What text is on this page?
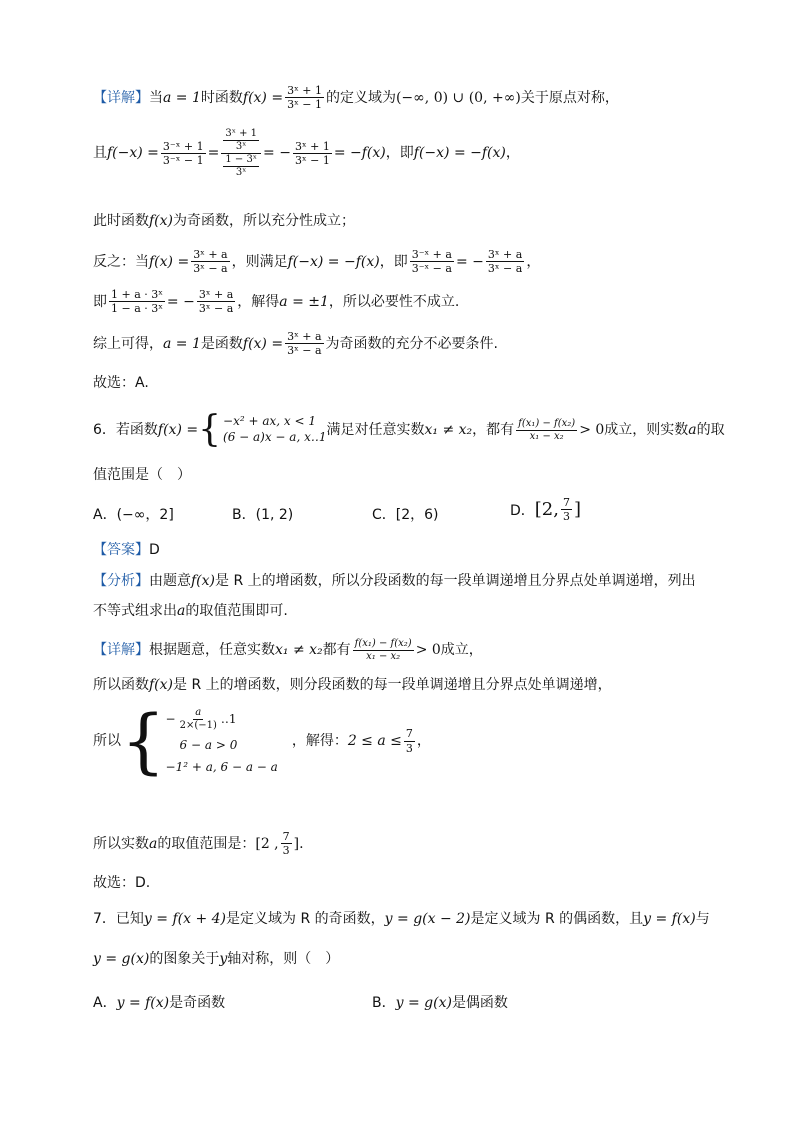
【详解】 当 a = 1 时函数 $f(x) = \frac{\text{3ˣ + 1}}{\text{3ˣ − 1}}$ 的定义域为 (−∞, 0) ∪ (0, +∞) 关于原点对称，
且 $f(-x) = \frac{\text{3⁻ˣ + 1}}{\text{3⁻ˣ − 1}} = \frac{\frac{\text{3ˣ + 1}}{\text{3ˣ}}}{\frac{\text{1 − 3ˣ}}{\text{3ˣ}}}$ = − $\frac{\text{3ˣ + 1}}{\text{3ˣ − 1}} = -f(x)$ ，即 f(−x) = −f(x) ，
此时函数 f(x) 为奇函数，所以充分性成立；
反之：当 $f(x) = \frac{\text{3ˣ + a}}{\text{3ˣ − a}}$ ，则满足 f(−x) = −f(x) ，即 $\frac{\text{3⁻ˣ + a}}{\text{3⁻ˣ − a}}$ = − $\frac{\text{3ˣ + a}}{\text{3ˣ − a}}$ ，
即 $\frac{\text{1 + a · 3ˣ}}{\text{1 − a · 3ˣ}}$ = − $\frac{\text{3ˣ + a}}{\text{3ˣ − a}}$ ，解得 a = ±1 ，所以必要性不成立.
综上可得， a = 1 是函数 $f(x) = \frac{\text{3ˣ + a}}{\text{3ˣ − a}}$ 为奇函数的充分不必要条件.
故选：A.
6．若函数 f(x) = { −x² + ax, x < 1
(6 − a)x − a, x‥1 满足对任意实数 x₁ ≠ x₂ ，都有 $\frac{\text{f(x₁) − f(x₂)}}{\text{x₁ − x₂}} > 0$ 成立，则实数 a 的取
值范围是（　）
A．(−∞，2]	B．(1, 2)	C．[2，6)	D． [2, $\frac{7}{3}$ ]
【答案】 D
【分析】 由题意 f(x) 是 R 上的增函数，所以分段函数的每一段单调递增且分界点处单调递增，列出
不等式组求出 a 的取值范围即可.
【详解】 根据题意，任意实数 x₁ ≠ x₂ 都有 $\frac{\text{f(x₁) − f(x₂)}}{\text{x₁ − x₂}} > 0$ 成立，
所以函数 f(x) 是 R 上的增函数，则分段函数的每一段单调递增且分界点处单调递增，
所以 { − $\frac{a}{2\times(-1)}$ ‥1
6 − a > 0
−1² + a, 6 − a − a
，解得： $2 \le a \le \frac{7}{3}$ ，
所以实数 a 的取值范围是： [2 , $\frac{7}{3}$ ].
故选：D.
7．已知 y = f(x + 4) 是定义域为 R 的奇函数， y = g(x − 2) 是定义域为 R 的偶函数，且 y = f(x) 与
y = g(x) 的图象关于 y 轴对称，则（　）
A．y = f(x)是奇函数	B．y = g(x)是偶函数
